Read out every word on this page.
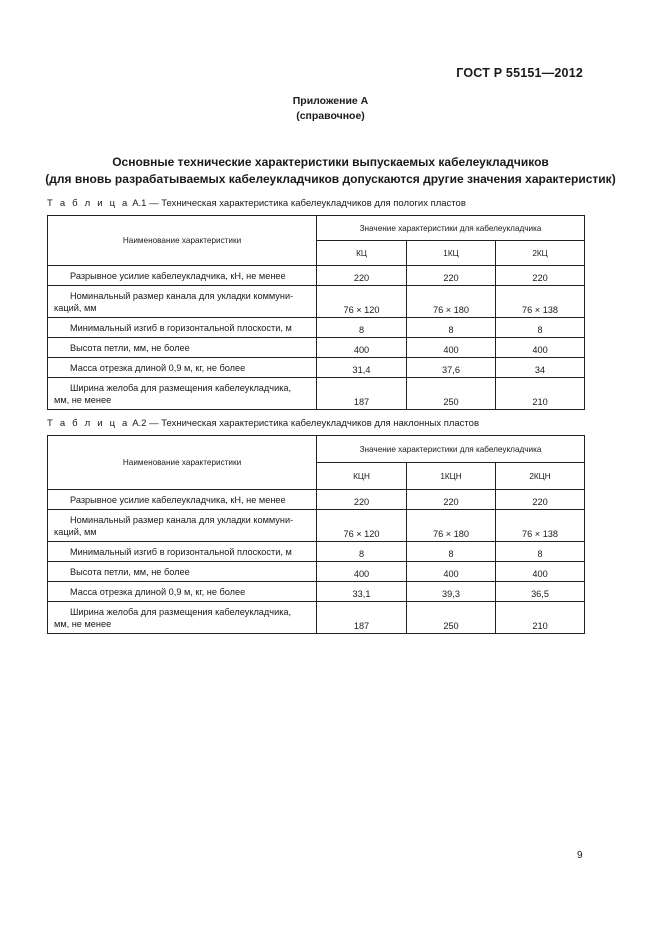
ГОСТ Р 55151—2012
Приложение А
(справочное)
Основные технические характеристики выпускаемых кабелеукладчиков
(для вновь разрабатываемых кабелеукладчиков допускаются другие значения характеристик)
Т а б л и ц а А.1 — Техническая характеристика кабелеукладчиков для пологих пластов
Наименование характеристики	Значение характеристики для кабелеукладчика		
	КЦ	1КЦ	2КЦ
Разрывное усилие кабелеукладчика, кН, не менее	220	220	220
Номинальный размер канала для укладки коммуни-
каций, мм	76 × 120	76 × 180	76 × 138
Минимальный изгиб в горизонтальной плоскости, м	8	8	8
Высота петли, мм, не более	400	400	400
Масса отрезка длиной 0,9 м, кг, не более	31,4	37,6	34
Ширина желоба для размещения кабелеукладчика,
мм, не менее	187	250	210
Т а б л и ц а А.2 — Техническая характеристика кабелеукладчиков для наклонных пластов
Наименование характеристики	Значение характеристики для кабелеукладчика		
	КЦН	1КЦН	2КЦН
Разрывное усилие кабелеукладчика, кН, не менее	220	220	220
Номинальный размер канала для укладки коммуни-
каций, мм	76 × 120	76 × 180	76 × 138
Минимальный изгиб в горизонтальной плоскости, м	8	8	8
Высота петли, мм, не более	400	400	400
Масса отрезка длиной 0,9 м, кг, не более	33,1	39,3	36,5
Ширина желоба для размещения кабелеукладчика,
мм, не менее	187	250	210
9
